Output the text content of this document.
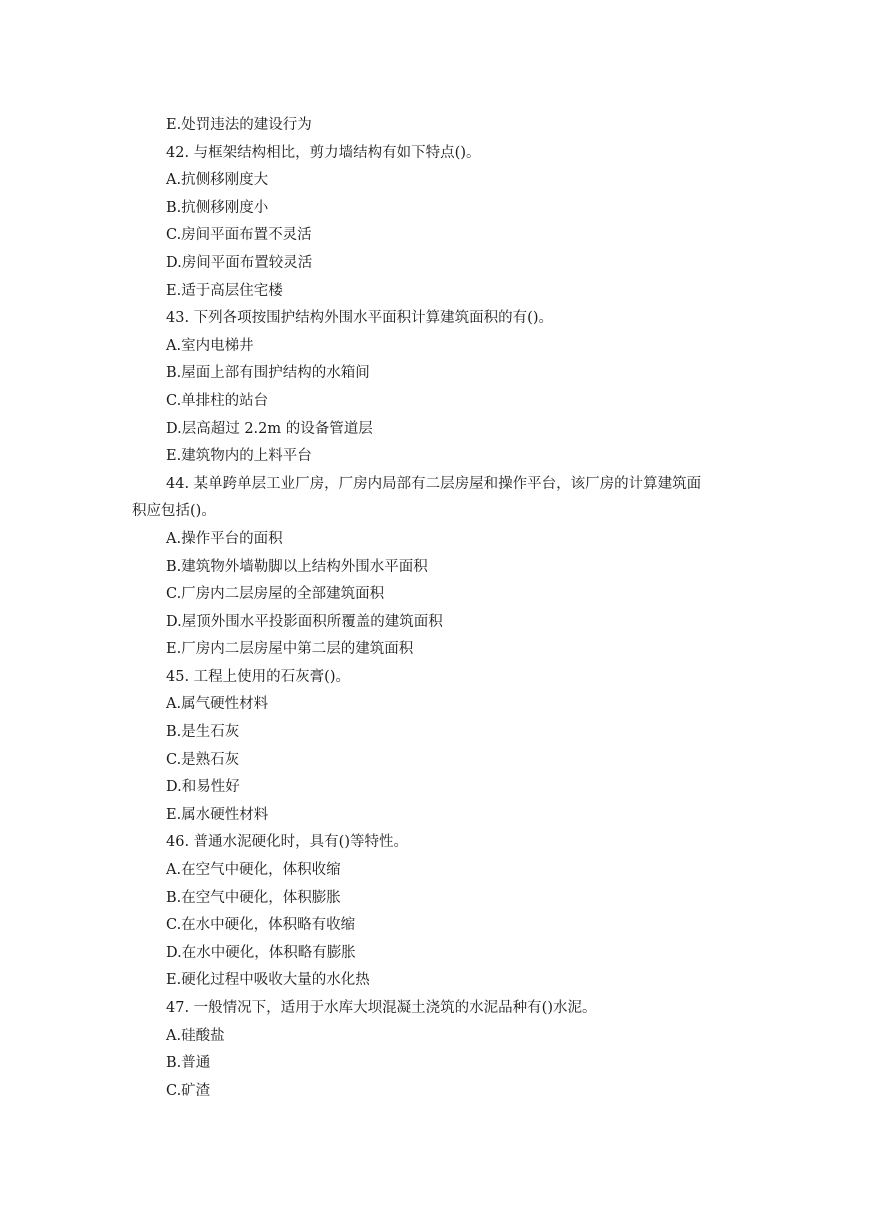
E.处罚违法的建设行为
42. 与框架结构相比，剪力墙结构有如下特点()。
A.抗侧移刚度大
B.抗侧移刚度小
C.房间平面布置不灵活
D.房间平面布置较灵活
E.适于高层住宅楼
43. 下列各项按围护结构外围水平面积计算建筑面积的有()。
A.室内电梯井
B.屋面上部有围护结构的水箱间
C.单排柱的站台
D.层高超过 2.2m 的设备管道层
E.建筑物内的上料平台
44. 某单跨单层工业厂房，厂房内局部有二层房屋和操作平台，该厂房的计算建筑面
积应包括()。
A.操作平台的面积
B.建筑物外墙勒脚以上结构外围水平面积
C.厂房内二层房屋的全部建筑面积
D.屋顶外围水平投影面积所覆盖的建筑面积
E.厂房内二层房屋中第二层的建筑面积
45. 工程上使用的石灰膏()。
A.属气硬性材料
B.是生石灰
C.是熟石灰
D.和易性好
E.属水硬性材料
46. 普通水泥硬化时，具有()等特性。
A.在空气中硬化，体积收缩
B.在空气中硬化，体积膨胀
C.在水中硬化，体积略有收缩
D.在水中硬化，体积略有膨胀
E.硬化过程中吸收大量的水化热
47. 一般情况下，适用于水库大坝混凝土浇筑的水泥品种有()水泥。
A.硅酸盐
B.普通
C.矿渣
